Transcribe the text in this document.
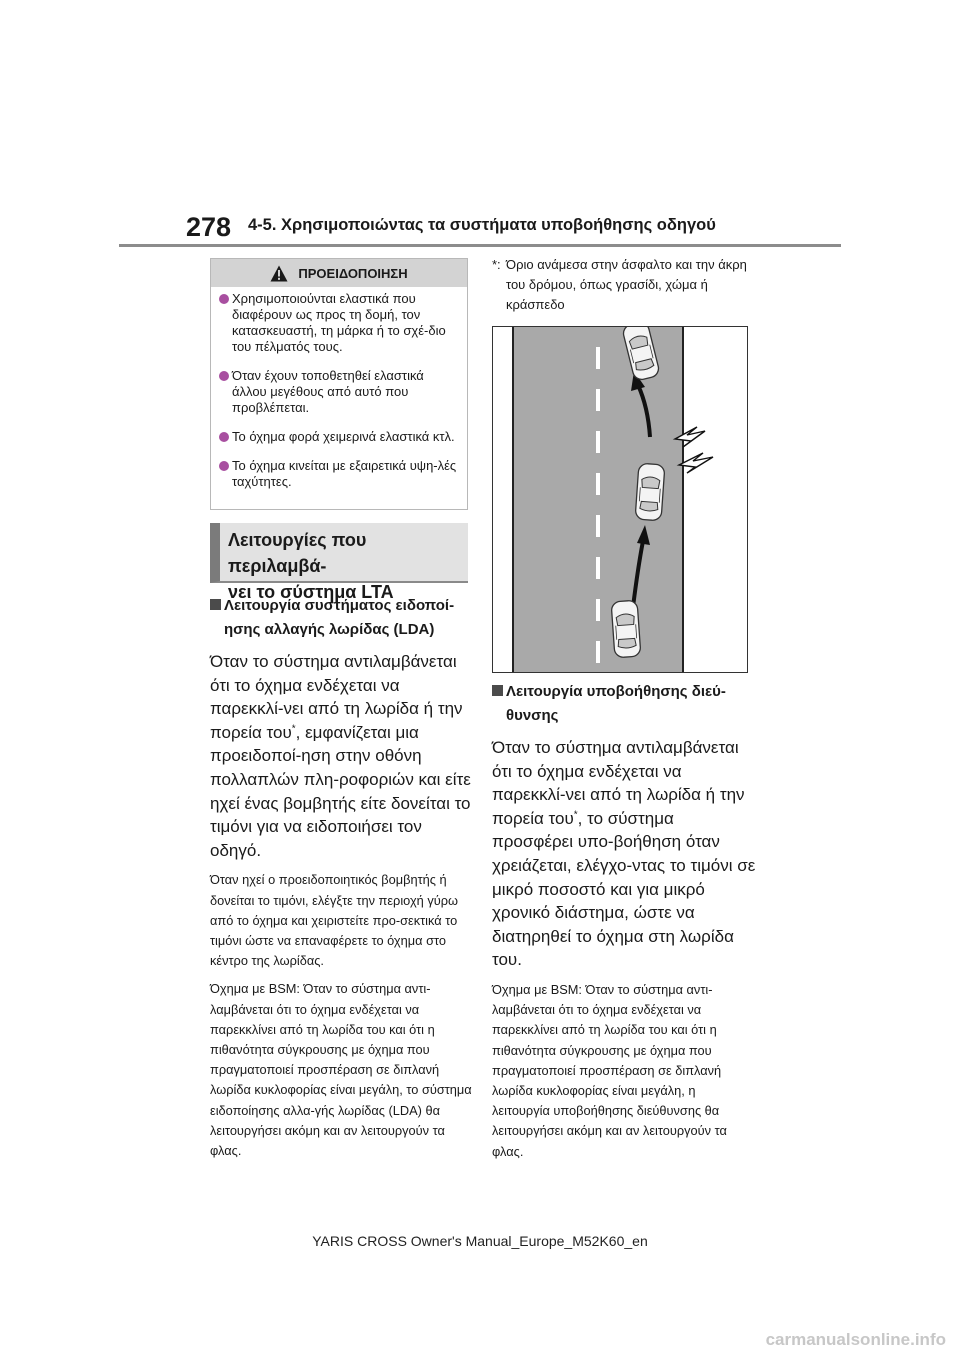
278 4-5. Χρησιμοποιώντας τα συστήματα υποβοήθησης οδηγού
ΠΡΟΕΙΔΟΠΟΙΗΣΗ
Χρησιμοποιούνται ελαστικά που διαφέρουν ως προς τη δομή, τον κατασκευαστή, τη μάρκα ή το σχέ-διο του πέλματός τους.
Όταν έχουν τοποθετηθεί ελαστικά άλλου μεγέθους από αυτό που προβλέπεται.
Το όχημα φορά χειμερινά ελαστικά κτλ.
Το όχημα κινείται με εξαιρετικά υψη-λές ταχύτητες.
Λειτουργίες που περιλαμβά-
νει το σύστημα LTA
Λειτουργία συστήματος ειδοποί-
ησης αλλαγής λωρίδας (LDA)

Όταν το σύστημα αντιλαμβάνεται ότι το όχημα ενδέχεται να παρεκκλί-νει από τη λωρίδα ή την πορεία του*, εμφανίζεται μια προειδοποί-ηση στην οθόνη πολλαπλών πλη-ροφοριών και είτε ηχεί ένας βομβητής είτε δονείται το τιμόνι για να ειδοποιήσει τον οδηγό.

Όταν ηχεί ο προειδοποιητικός βομβητής ή δονείται το τιμόνι, ελέγξτε την περιοχή γύρω από το όχημα και χειριστείτε προ-σεκτικά το τιμόνι ώστε να επαναφέρετε το όχημα στο κέντρο της λωρίδας.

Όχημα με BSM: Όταν το σύστημα αντι-λαμβάνεται ότι το όχημα ενδέχεται να παρεκκλίνει από τη λωρίδα του και ότι η πιθανότητα σύγκρουσης με όχημα που πραγματοποιεί προσπέραση σε διπλανή λωρίδα κυκλοφορίας είναι μεγάλη, το σύστημα ειδοποίησης αλλα-γής λωρίδας (LDA) θα λειτουργήσει ακόμη και αν λειτουργούν τα φλας.

*: Όριο ανάμεσα στην άσφαλτο και την άκρη του δρόμου, όπως γρασίδι, χώμα ή κράσπεδο
Λειτουργία υποβοήθησης διεύ-
θυνσης

Όταν το σύστημα αντιλαμβάνεται ότι το όχημα ενδέχεται να παρεκκλί-νει από τη λωρίδα ή την πορεία του*, το σύστημα προσφέρει υπο-βοήθηση όταν χρειάζεται, ελέγχο-ντας το τιμόνι σε μικρό ποσοστό και για μικρό χρονικό διάστημα, ώστε να διατηρηθεί το όχημα στη λωρίδα του.

Όχημα με BSM: Όταν το σύστημα αντι-λαμβάνεται ότι το όχημα ενδέχεται να παρεκκλίνει από τη λωρίδα του και ότι η πιθανότητα σύγκρουσης με όχημα που πραγματοποιεί προσπέραση σε διπλανή λωρίδα κυκλοφορίας είναι μεγάλη, η λειτουργία υποβοήθησης διεύθυνσης θα λειτουργήσει ακόμη και αν λειτουργούν τα φλας.

YARIS CROSS Owner's Manual_Europe_M52K60_en
carmanualsonline.info
